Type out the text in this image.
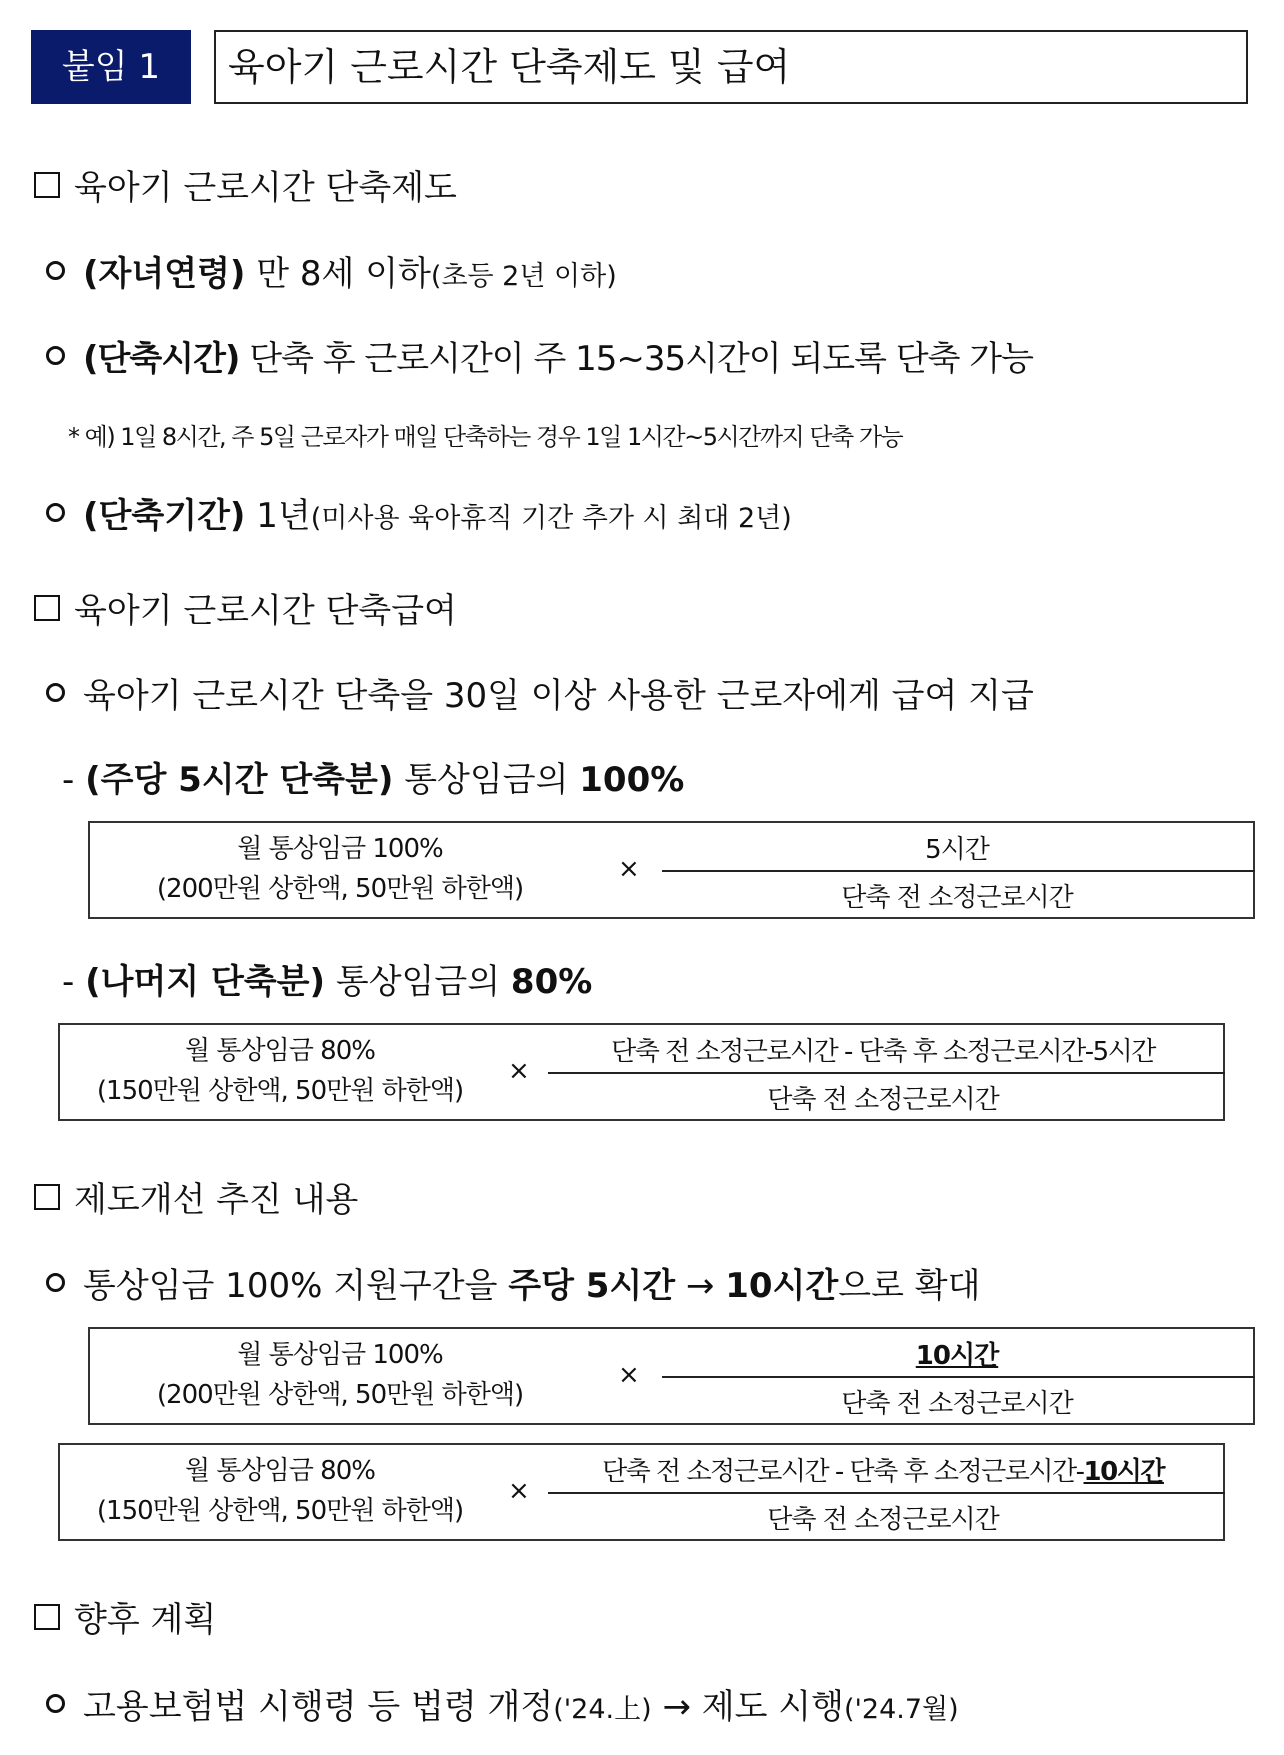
붙임 1	육아기 근로시간 단축제도 및 급여
육아기 근로시간 단축제도
(자녀연령) 만 8세 이하(초등 2년 이하)
(단축시간) 단축 후 근로시간이 주 15~35시간이 되도록 단축 가능
* 예) 1일 8시간, 주 5일 근로자가 매일 단축하는 경우 1일 1시간~5시간까지 단축 가능
(단축기간) 1년(미사용 육아휴직 기간 추가 시 최대 2년)
육아기 근로시간 단축급여
육아기 근로시간 단축을 30일 이상 사용한 근로자에게 급여 지급
- (주당 5시간 단축분) 통상임금의 100%
월 통상임금 100%
(200만원 상한액, 50만원 하한액)
×
5시간
단축 전 소정근로시간
- (나머지 단축분) 통상임금의 80%
월 통상임금 80%
(150만원 상한액, 50만원 하한액)
×
단축 전 소정근로시간 - 단축 후 소정근로시간-5시간
단축 전 소정근로시간
제도개선 추진 내용
통상임금 100% 지원구간을 주당 5시간 → 10시간으로 확대
월 통상임금 100%
(200만원 상한액, 50만원 하한액)
×
10시간
단축 전 소정근로시간
월 통상임금 80%
(150만원 상한액, 50만원 하한액)
×
단축 전 소정근로시간 - 단축 후 소정근로시간-10시간
단축 전 소정근로시간
향후 계획
고용보험법 시행령 등 법령 개정('24.上) → 제도 시행('24.7월)
